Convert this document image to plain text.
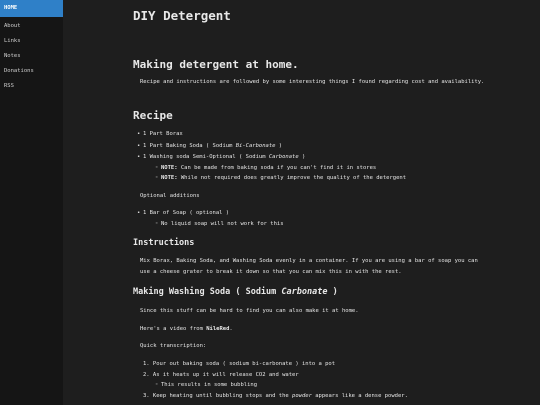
HOME
About
Links
Notes
Donations
RSS
DIY Detergent
Making detergent at home.
Recipe and instructions are followed by some interesting things I found regarding cost and availability.
Recipe
• 1 Part Borax
• 1 Part Baking Soda ( Sodium Bi-Carbonate )
• 1 Washing soda Semi-Optional ( Sodium Carbonate )
◦ NOTE: Can be made from baking soda if you can't find it in stores
◦ NOTE: While not required does greatly improve the quality of the detergent
Optional additions
• 1 Bar of Soap ( optional )
◦ No liquid soap will not work for this
Instructions
Mix Borax, Baking Soda, and Washing Soda evenly in a container. If you are using a bar of soap you can use a cheese grater to break it down so that you can mix this in with the rest.
Making Washing Soda ( Sodium Carbonate )
Since this stuff can be hard to find you can also make it at home.
Here's a video from NileRed.
Quick transcription:
1. Pour out baking soda ( sodium bi-carbonate ) into a pot
2. As it heats up it will release CO2 and water
◦ This results in some bubbling
3. Keep heating until bubbling stops and the powder appears like a dense powder.
